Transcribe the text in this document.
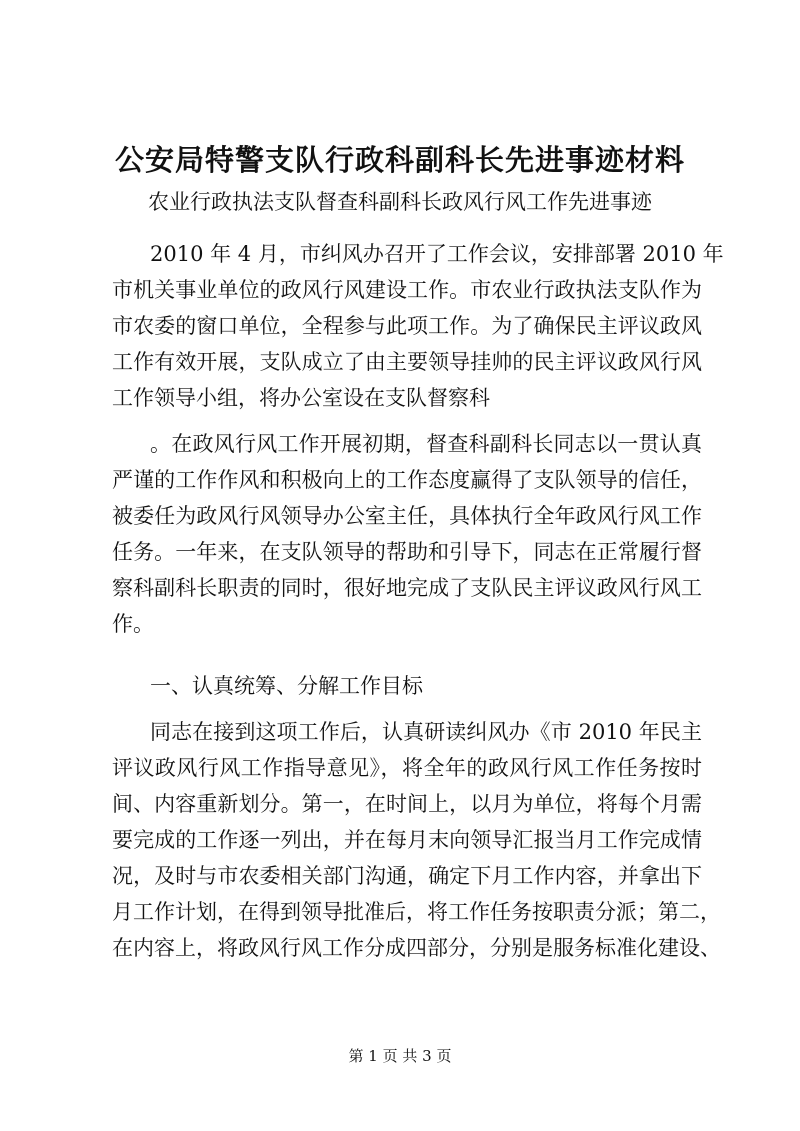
公安局特警支队行政科副科长先进事迹材料
农业行政执法支队督查科副科长政风行风工作先进事迹
2010 年 4 月，市纠风办召开了工作会议，安排部署 2010 年
市机关事业单位的政风行风建设工作。市农业行政执法支队作为
市农委的窗口单位，全程参与此项工作。为了确保民主评议政风
工作有效开展，支队成立了由主要领导挂帅的民主评议政风行风
工作领导小组，将办公室设在支队督察科
。在政风行风工作开展初期，督查科副科长同志以一贯认真
严谨的工作作风和积极向上的工作态度赢得了支队领导的信任，
被委任为政风行风领导办公室主任，具体执行全年政风行风工作
任务。一年来，在支队领导的帮助和引导下，同志在正常履行督
察科副科长职责的同时，很好地完成了支队民主评议政风行风工
作。
一、认真统筹、分解工作目标
同志在接到这项工作后，认真研读纠风办《市 2010 年民主
评议政风行风工作指导意见》，将全年的政风行风工作任务按时
间、内容重新划分。第一，在时间上，以月为单位，将每个月需
要完成的工作逐一列出，并在每月末向领导汇报当月工作完成情
况，及时与市农委相关部门沟通，确定下月工作内容，并拿出下
月工作计划，在得到领导批准后，将工作任务按职责分派；第二，
在内容上，将政风行风工作分成四部分，分别是服务标准化建设、
第 1 页 共 3 页
